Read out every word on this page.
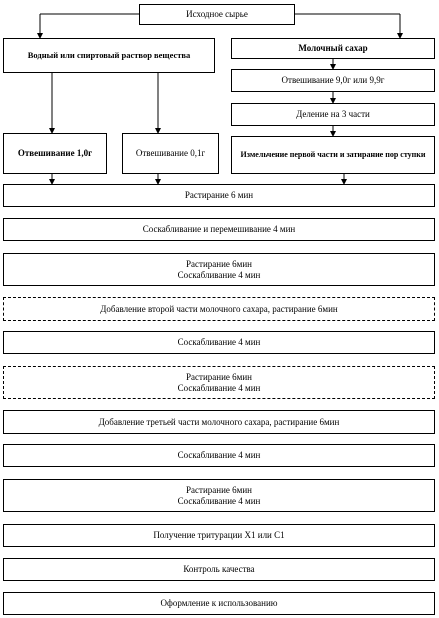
Исходное сырье
Водный или спиртовый раствор вещества
Молочный сахар
Отвешивание 9,0г или 9,9г
Деление на 3 части
Отвешивание 1,0г	Отвешивание 0,1г	Измельчение первой части и затирание пор ступки
Растирание 6 мин
Соскабливание и перемешивание 4 мин
Растирание 6мин
Соскабливание 4 мин
Добавление второй части молочного сахара, растирание 6мин
Соскабливание 4 мин
Растирание 6мин
Соскабливание 4 мин
Добавление третьей части молочного сахара, растирание 6мин
Соскабливание 4 мин
Растирание 6мин
Соскабливание 4 мин
Получение тритурации Х1 или С1
Контроль качества
Оформление к использованию
